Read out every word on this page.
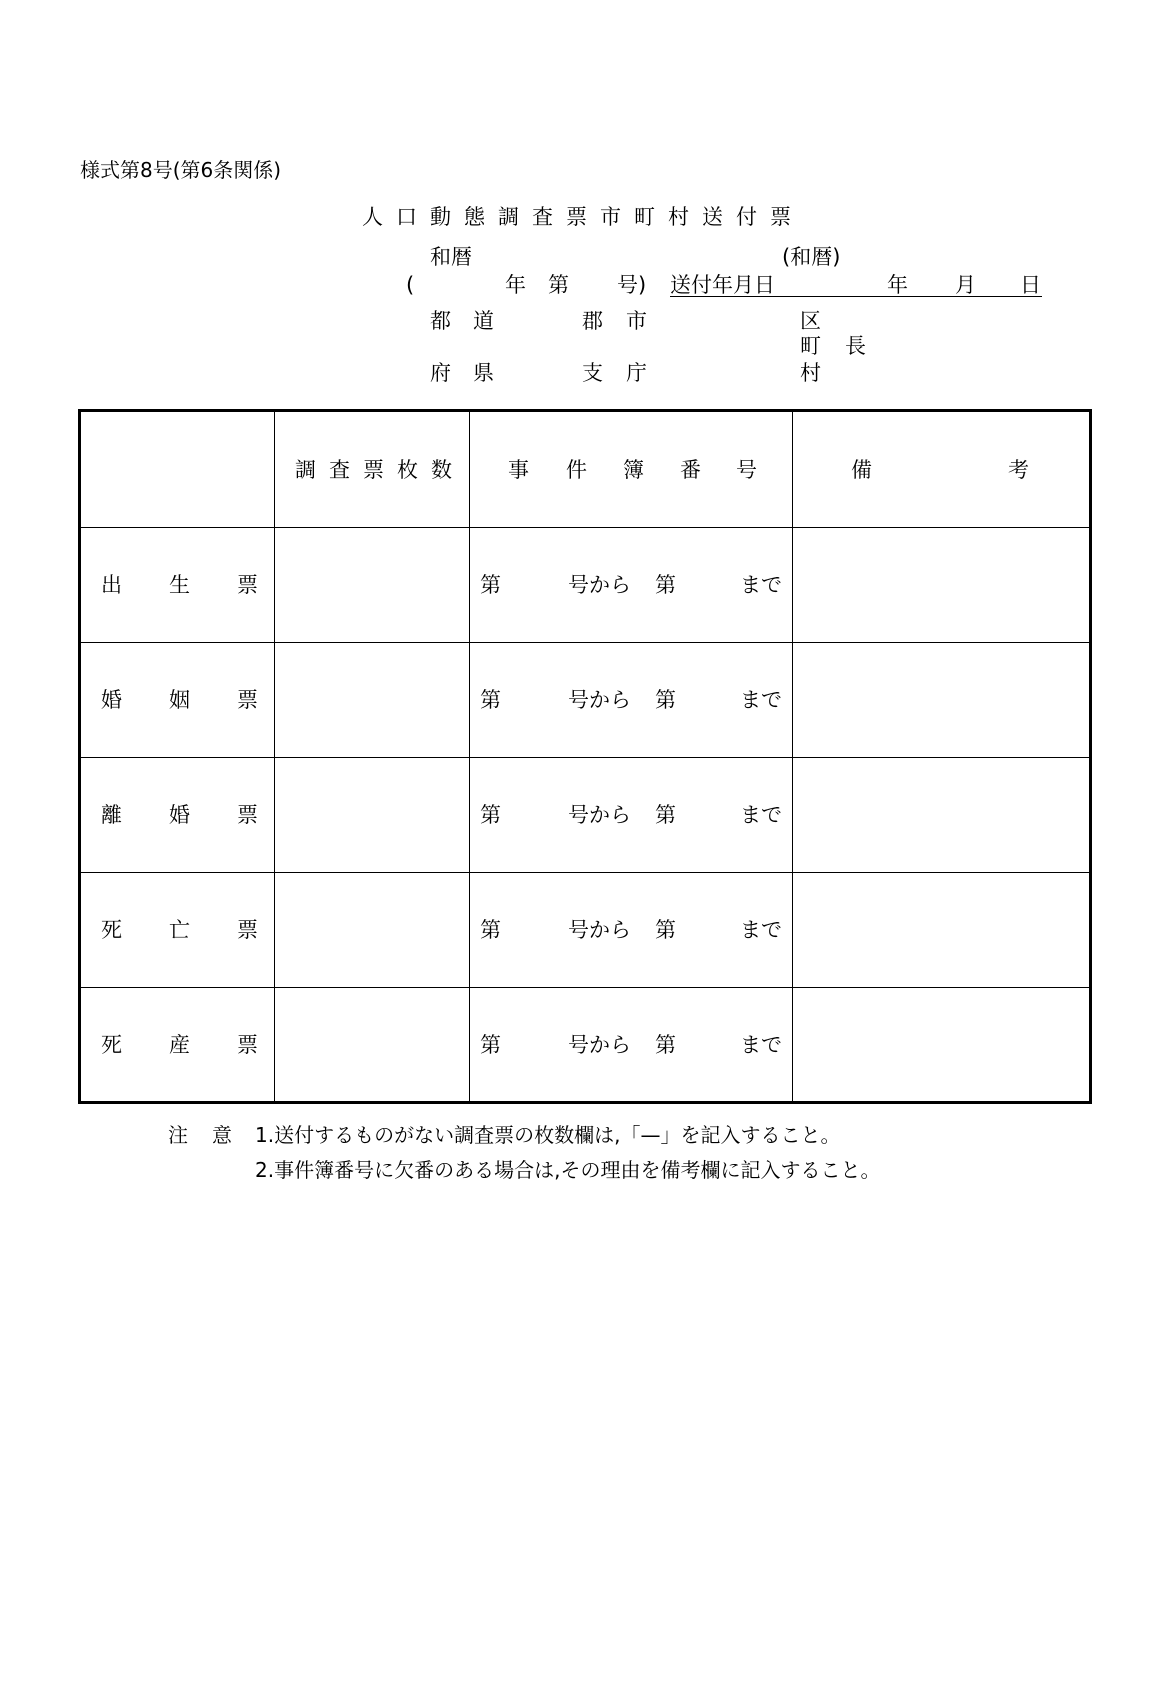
様式第8号(第6条関係)
人口動態調査票市町村送付票
和暦	(和暦)
(	年 第 号) 送付年月日	年 月 日
都 道	郡 市	区
町 長
府 県	支 庁	村

	調 査 票 枚 数	事 件 簿 番 号	備 考

出 生 票		第 号から 第 まで	

婚 姻 票		第 号から 第 まで	

離 婚 票		第 号から 第 まで	

死 亡 票		第 号から 第 まで	

死 産 票		第 号から 第 まで	

注 意 1.送付するものがない調査票の枚数欄は,「—」を記入すること。
2.事件簿番号に欠番のある場合は,その理由を備考欄に記入すること。
